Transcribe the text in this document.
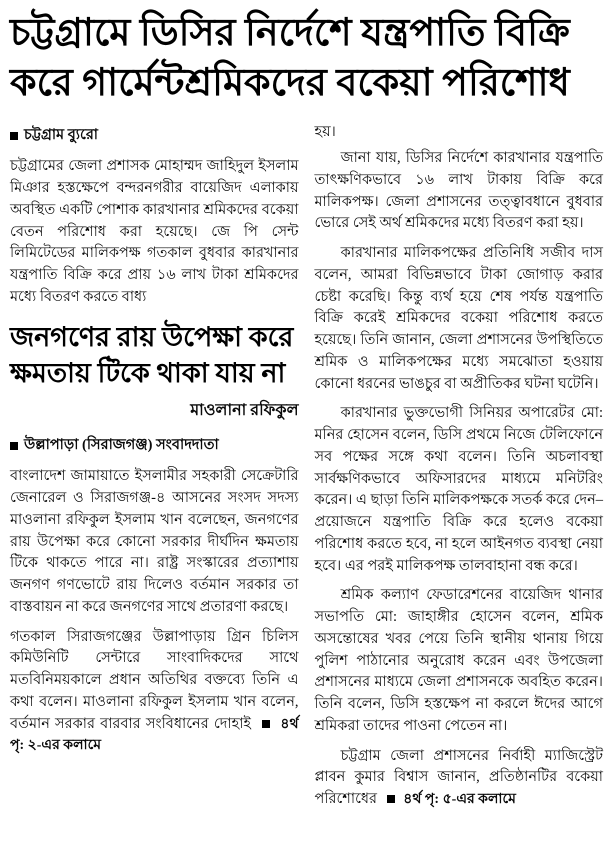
চট্টগ্রামে ডিসির নির্দেশে যন্ত্রপাতি বিক্রি করে গার্মেন্টশ্রমিকদের বকেয়া পরিশোধ
চট্টগ্রাম ব্যুরো

চট্টগ্রামের জেলা প্রশাসক মোহাম্মদ জাহিদুল ইসলাম মিঞার হস্তক্ষেপে বন্দরনগরীর বায়েজিদ এলাকায় অবস্থিত একটি পোশাক কারখানার শ্রমিকদের বকেয়া বেতন পরিশোধ করা হয়েছে। জে পি সেন্ট লিমিটেডের মালিকপক্ষ গতকাল বুধবার কারখানার যন্ত্রপাতি বিক্রি করে প্রায় ১৬ লাখ টাকা শ্রমিকদের মধ্যে বিতরণ করতে বাধ্য

জনগণের রায় উপেক্ষা করে ক্ষমতায় টিকে থাকা যায় না
মাওলানা রফিকুল
উল্লাপাড়া (সিরাজগঞ্জ) সংবাদদাতা

বাংলাদেশ জামায়াতে ইসলামীর সহকারী সেক্রেটারি জেনারেল ও সিরাজগঞ্জ-৪ আসনের সংসদ সদস্য মাওলানা রফিকুল ইসলাম খান বলেছেন, জনগণের রায় উপেক্ষা করে কোনো সরকার দীর্ঘদিন ক্ষমতায় টিকে থাকতে পারে না। রাষ্ট্র সংস্কারের প্রত্যাশায় জনগণ গণভোটে রায় দিলেও বর্তমান সরকার তা বাস্তবায়ন না করে জনগণের সাথে প্রতারণা করছে।

গতকাল সিরাজগঞ্জের উল্লাপাড়ায় গ্রিন চিলিস কমিউনিটি সেন্টারে সাংবাদিকদের সাথে মতবিনিময়কালে প্রধান অতিথির বক্তব্যে তিনি এ কথা বলেন। মাওলানা রফিকুল ইসলাম খান বলেন, বর্তমান সরকার বারবার সংবিধানের দোহাই ৪র্থ পৃ: ২-এর কলামে

হয়।

জানা যায়, ডিসির নির্দেশে কারখানার যন্ত্রপাতি তাৎক্ষণিকভাবে ১৬ লাখ টাকায় বিক্রি করে মালিকপক্ষ। জেলা প্রশাসনের তত্ত্বাবধানে বুধবার ভোরে সেই অর্থ শ্রমিকদের মধ্যে বিতরণ করা হয়।

কারখানার মালিকপক্ষের প্রতিনিধি সজীব দাস বলেন, আমরা বিভিন্নভাবে টাকা জোগাড় করার চেষ্টা করেছি। কিন্তু ব্যর্থ হয়ে শেষ পর্যন্ত যন্ত্রপাতি বিক্রি করেই শ্রমিকদের বকেয়া পরিশোধ করতে হয়েছে। তিনি জানান, জেলা প্রশাসনের উপস্থিতিতে শ্রমিক ও মালিকপক্ষের মধ্যে সমঝোতা হওয়ায় কোনো ধরনের ভাঙচুর বা অপ্রীতিকর ঘটনা ঘটেনি।

কারখানার ভুক্তভোগী সিনিয়র অপারেটর মো: মনির হোসেন বলেন, ডিসি প্রথমে নিজে টেলিফোনে সব পক্ষের সঙ্গে কথা বলেন। তিনি অচলাবস্থা সার্বক্ষণিকভাবে অফিসারদের মাধ্যমে মনিটরিং করেন। এ ছাড়া তিনি মালিকপক্ষকে সতর্ক করে দেন– প্রয়োজনে যন্ত্রপাতি বিক্রি করে হলেও বকেয়া পরিশোধ করতে হবে, না হলে আইনগত ব্যবস্থা নেয়া হবে। এর পরই মালিকপক্ষ তালবাহানা বন্ধ করে।

শ্রমিক কল্যাণ ফেডারেশনের বায়েজিদ থানার সভাপতি মো: জাহাঙ্গীর হোসেন বলেন, শ্রমিক অসন্তোষের খবর পেয়ে তিনি স্থানীয় থানায় গিয়ে পুলিশ পাঠানোর অনুরোধ করেন এবং উপজেলা প্রশাসনের মাধ্যমে জেলা প্রশাসনকে অবহিত করেন। তিনি বলেন, ডিসি হস্তক্ষেপ না করলে ঈদের আগে শ্রমিকরা তাদের পাওনা পেতেন না।

চট্টগ্রাম জেলা প্রশাসনের নির্বাহী ম্যাজিস্ট্রেট প্লাবন কুমার বিশ্বাস জানান, প্রতিষ্ঠানটির বকেয়া পরিশোধের ৪র্থ পৃ: ৫-এর কলামে
